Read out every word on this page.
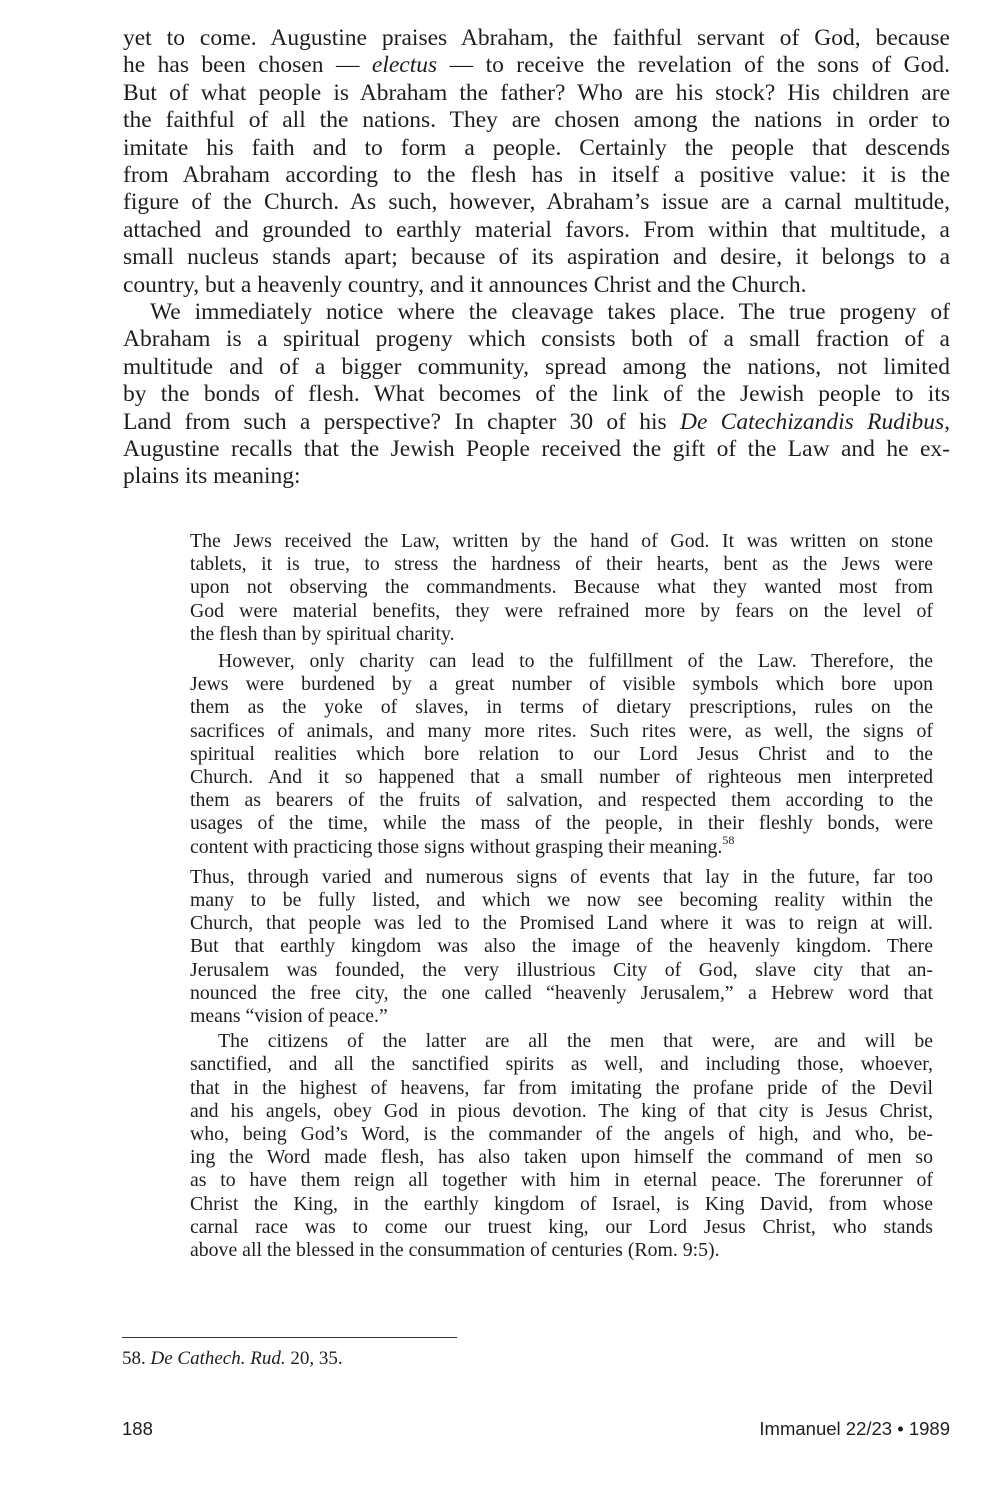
yet to come. Augustine praises Abraham, the faithful servant of God, because
he has been chosen — electus — to receive the revelation of the sons of God.
But of what people is Abraham the father? Who are his stock? His children are
the faithful of all the nations. They are chosen among the nations in order to
imitate his faith and to form a people. Certainly the people that descends
from Abraham according to the flesh has in itself a positive value: it is the
figure of the Church. As such, however, Abraham’s issue are a carnal multitude,
attached and grounded to earthly material favors. From within that multitude, a
small nucleus stands apart; because of its aspiration and desire, it belongs to a
country, but a heavenly country, and it announces Christ and the Church.
We immediately notice where the cleavage takes place. The true progeny of
Abraham is a spiritual progeny which consists both of a small fraction of a
multitude and of a bigger community, spread among the nations, not limited
by the bonds of flesh. What becomes of the link of the Jewish people to its
Land from such a perspective? In chapter 30 of his De Catechizandis Rudibus,
Augustine recalls that the Jewish People received the gift of the Law and he ex-
plains its meaning:
The Jews received the Law, written by the hand of God. It was written on stone
tablets, it is true, to stress the hardness of their hearts, bent as the Jews were
upon not observing the commandments. Because what they wanted most from
God were material benefits, they were refrained more by fears on the level of
the flesh than by spiritual charity.
However, only charity can lead to the fulfillment of the Law. Therefore, the
Jews were burdened by a great number of visible symbols which bore upon
them as the yoke of slaves, in terms of dietary prescriptions, rules on the
sacrifices of animals, and many more rites. Such rites were, as well, the signs of
spiritual realities which bore relation to our Lord Jesus Christ and to the
Church. And it so happened that a small number of righteous men interpreted
them as bearers of the fruits of salvation, and respected them according to the
usages of the time, while the mass of the people, in their fleshly bonds, were
content with practicing those signs without grasping their meaning.$^{58}$
Thus, through varied and numerous signs of events that lay in the future, far too
many to be fully listed, and which we now see becoming reality within the
Church, that people was led to the Promised Land where it was to reign at will.
But that earthly kingdom was also the image of the heavenly kingdom. There
Jerusalem was founded, the very illustrious City of God, slave city that an-
nounced the free city, the one called “heavenly Jerusalem,” a Hebrew word that
means “vision of peace.”
The citizens of the latter are all the men that were, are and will be
sanctified, and all the sanctified spirits as well, and including those, whoever,
that in the highest of heavens, far from imitating the profane pride of the Devil
and his angels, obey God in pious devotion. The king of that city is Jesus Christ,
who, being God’s Word, is the commander of the angels of high, and who, be-
ing the Word made flesh, has also taken upon himself the command of men so
as to have them reign all together with him in eternal peace. The forerunner of
Christ the King, in the earthly kingdom of Israel, is King David, from whose
carnal race was to come our truest king, our Lord Jesus Christ, who stands
above all the blessed in the consummation of centuries (Rom. 9:5).
58. De Cathech. Rud. 20, 35.
188	Immanuel 22/23 • 1989
